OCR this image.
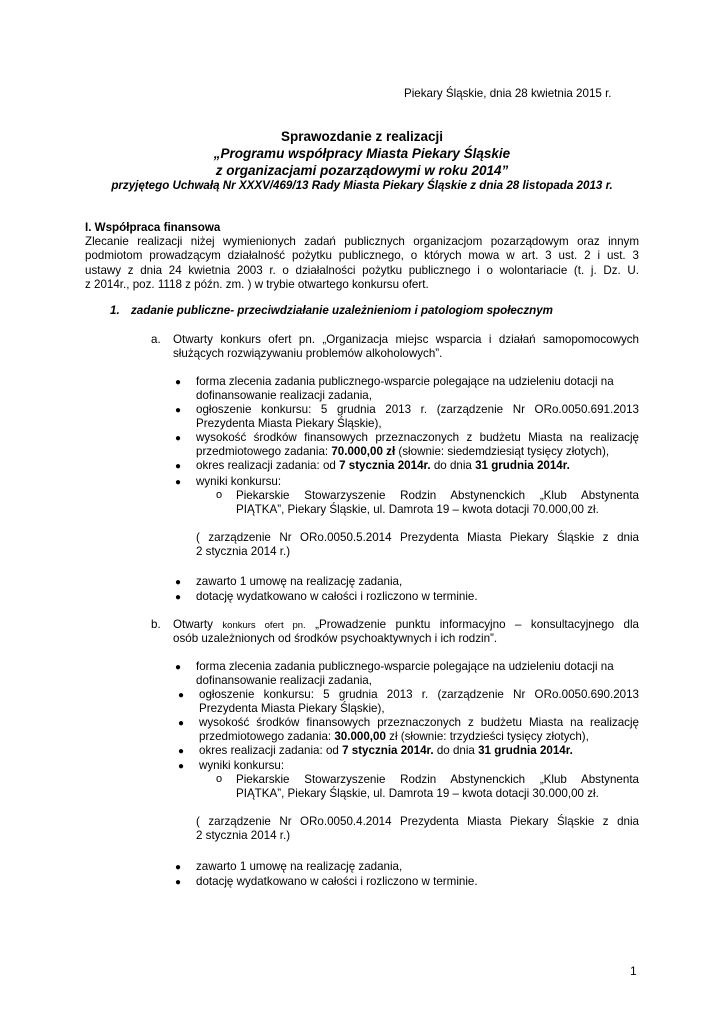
Piekary Śląskie, dnia 28 kwietnia 2015 r.
Sprawozdanie z realizacji
„Programu współpracy Miasta Piekary Śląskie
z organizacjami pozarządowymi w roku 2014”
przyjętego Uchwałą Nr XXXV/469/13 Rady Miasta Piekary Śląskie z dnia 28 listopada 2013 r.
I. Współpraca finansowa
Zlecanie realizacji niżej wymienionych zadań publicznych organizacjom pozarządowym oraz innym
podmiotom prowadzącym działalność pożytku publicznego, o których mowa w art. 3 ust. 2 i ust. 3
ustawy z dnia 24 kwietnia 2003 r. o działalności pożytku publicznego i o wolontariacie (t. j. Dz. U.
z 2014r., poz. 1118 z późn. zm. ) w trybie otwartego konkursu ofert.
1. zadanie publiczne- przeciwdziałanie uzależnieniom i patologiom społecznym
a. Otwarty konkurs ofert pn. „Organizacja miejsc wsparcia i działań samopomocowych
służących rozwiązywaniu problemów alkoholowych”.
● forma zlecenia zadania publicznego-wsparcie polegające na udzieleniu dotacji na
dofinansowanie realizacji zadania,
● ogłoszenie konkursu: 5 grudnia 2013 r. (zarządzenie Nr ORo.0050.691.2013
Prezydenta Miasta Piekary Śląskie),
● wysokość środków finansowych przeznaczonych z budżetu Miasta na realizację
przedmiotowego zadania: 70.000,00 zł (słownie: siedemdziesiąt tysięcy złotych),
● okres realizacji zadania: od 7 stycznia 2014r. do dnia 31 grudnia 2014r.
● wyniki konkursu:
o Piekarskie Stowarzyszenie Rodzin Abstynenckich „Klub Abstynenta
PIĄTKA”, Piekary Śląskie, ul. Damrota 19 – kwota dotacji 70.000,00 zł.
( zarządzenie Nr ORo.0050.5.2014 Prezydenta Miasta Piekary Śląskie z dnia
2 stycznia 2014 r.)
● zawarto 1 umowę na realizację zadania,
● dotację wydatkowano w całości i rozliczono w terminie.
b. Otwarty konkurs ofert pn. „Prowadzenie punktu informacyjno – konsultacyjnego dla
osób uzależnionych od środków psychoaktywnych i ich rodzin”.
● forma zlecenia zadania publicznego-wsparcie polegające na udzieleniu dotacji na
dofinansowanie realizacji zadania,
● ogłoszenie konkursu: 5 grudnia 2013 r. (zarządzenie Nr ORo.0050.690.2013
Prezydenta Miasta Piekary Śląskie),
● wysokość środków finansowych przeznaczonych z budżetu Miasta na realizację
przedmiotowego zadania: 30.000,00 zł (słownie: trzydzieści tysięcy złotych),
● okres realizacji zadania: od 7 stycznia 2014r. do dnia 31 grudnia 2014r.
● wyniki konkursu:
o Piekarskie Stowarzyszenie Rodzin Abstynenckich „Klub Abstynenta
PIĄTKA”, Piekary Śląskie, ul. Damrota 19 – kwota dotacji 30.000,00 zł.
( zarządzenie Nr ORo.0050.4.2014 Prezydenta Miasta Piekary Śląskie z dnia
2 stycznia 2014 r.)
● zawarto 1 umowę na realizację zadania,
● dotację wydatkowano w całości i rozliczono w terminie.
1
